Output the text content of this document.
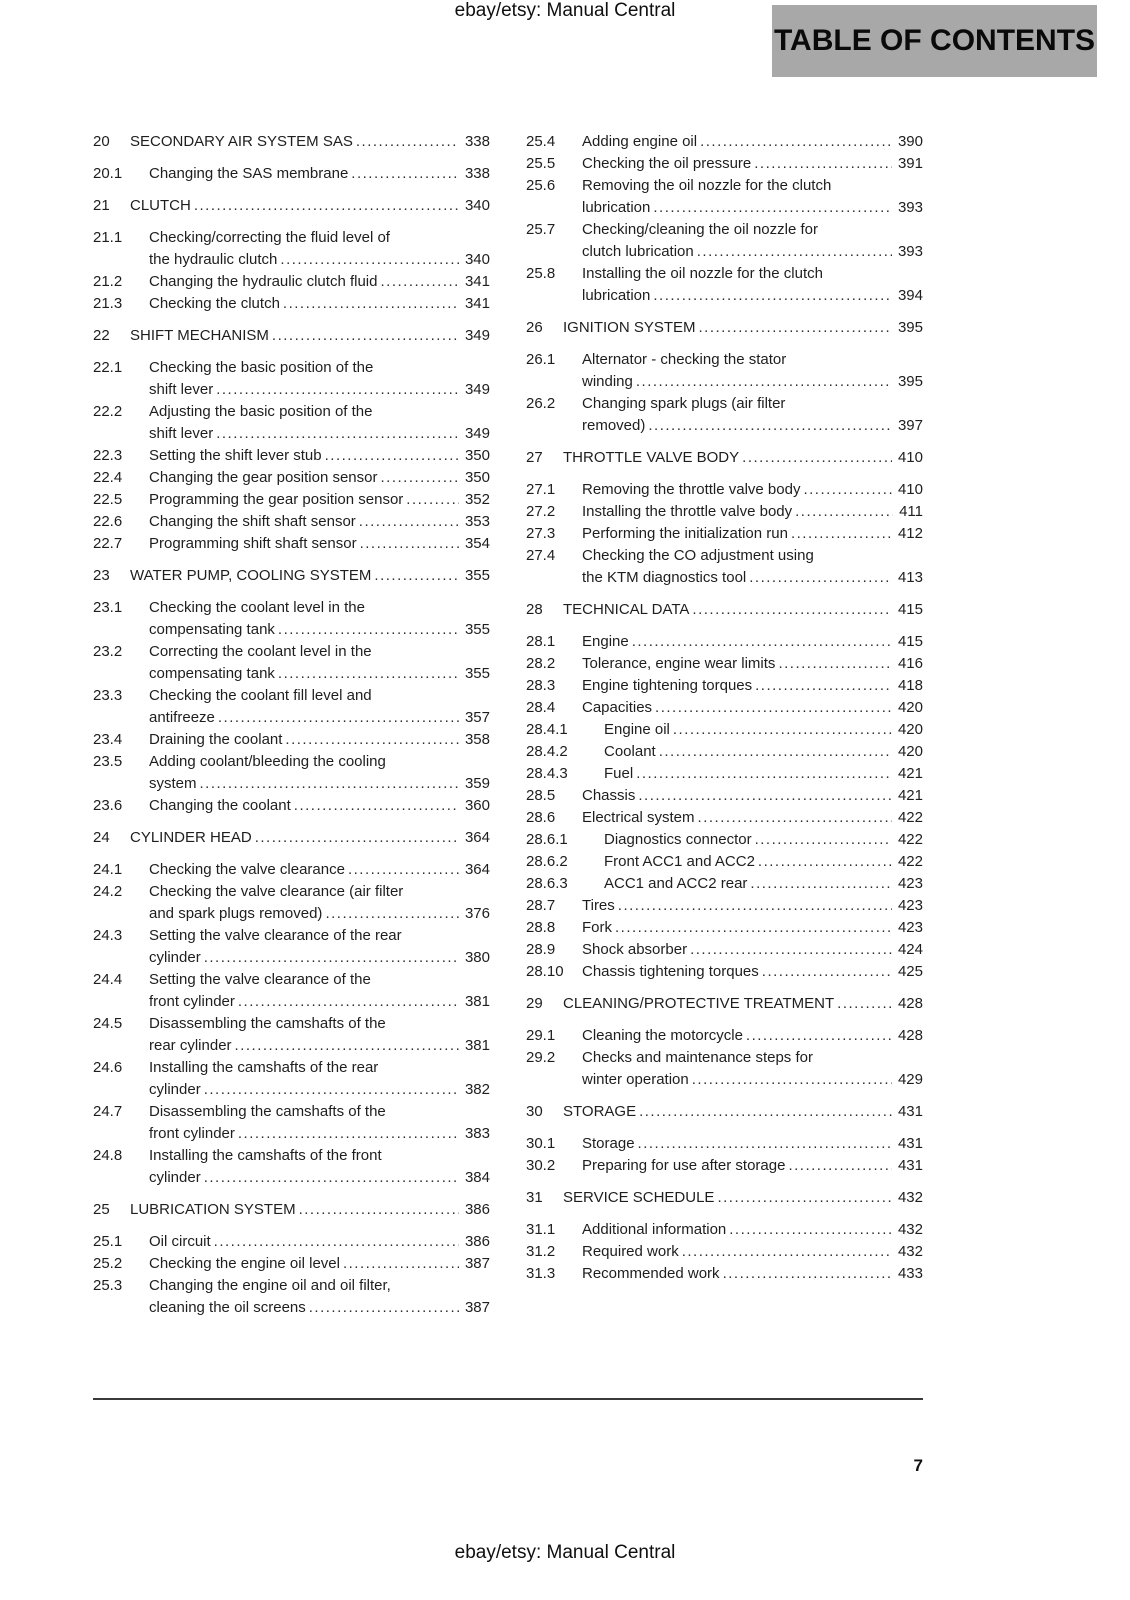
ebay/etsy: Manual Central
TABLE OF CONTENTS
20	SECONDARY AIR SYSTEM SAS .....	338
20.1	Changing the SAS membrane .....	338
21	CLUTCH .....	340
21.1	Checking/correcting the fluid level of the hydraulic clutch .....	340
21.2	Changing the hydraulic clutch fluid .....	341
21.3	Checking the clutch .....	341
22	SHIFT MECHANISM .....	349
22.1	Checking the basic position of the shift lever .....	349
22.2	Adjusting the basic position of the shift lever .....	349
22.3	Setting the shift lever stub .....	350
22.4	Changing the gear position sensor .....	350
22.5	Programming the gear position sensor .....	352
22.6	Changing the shift shaft sensor .....	353
22.7	Programming shift shaft sensor .....	354
23	WATER PUMP, COOLING SYSTEM .....	355
23.1	Checking the coolant level in the compensating tank .....	355
23.2	Correcting the coolant level in the compensating tank .....	355
23.3	Checking the coolant fill level and antifreeze .....	357
23.4	Draining the coolant .....	358
23.5	Adding coolant/bleeding the cooling system .....	359
23.6	Changing the coolant .....	360
24	CYLINDER HEAD .....	364
24.1	Checking the valve clearance .....	364
24.2	Checking the valve clearance (air filter and spark plugs removed) .....	376
24.3	Setting the valve clearance of the rear cylinder .....	380
24.4	Setting the valve clearance of the front cylinder .....	381
24.5	Disassembling the camshafts of the rear cylinder .....	381
24.6	Installing the camshafts of the rear cylinder .....	382
24.7	Disassembling the camshafts of the front cylinder .....	383
24.8	Installing the camshafts of the front cylinder .....	384
25	LUBRICATION SYSTEM .....	386
25.1	Oil circuit .....	386
25.2	Checking the engine oil level .....	387
25.3	Changing the engine oil and oil filter, cleaning the oil screens .....	387
25.4	Adding engine oil .....	390
25.5	Checking the oil pressure .....	391
25.6	Removing the oil nozzle for the clutch lubrication .....	393
25.7	Checking/cleaning the oil nozzle for clutch lubrication .....	393
25.8	Installing the oil nozzle for the clutch lubrication .....	394
26	IGNITION SYSTEM .....	395
26.1	Alternator - checking the stator winding .....	395
26.2	Changing spark plugs (air filter removed) .....	397
27	THROTTLE VALVE BODY .....	410
27.1	Removing the throttle valve body .....	410
27.2	Installing the throttle valve body .....	411
27.3	Performing the initialization run .....	412
27.4	Checking the CO adjustment using the KTM diagnostics tool .....	413
28	TECHNICAL DATA .....	415
28.1	Engine .....	415
28.2	Tolerance, engine wear limits .....	416
28.3	Engine tightening torques .....	418
28.4	Capacities .....	420
28.4.1	Engine oil .....	420
28.4.2	Coolant .....	420
28.4.3	Fuel .....	421
28.5	Chassis .....	421
28.6	Electrical system .....	422
28.6.1	Diagnostics connector .....	422
28.6.2	Front ACC1 and ACC2 .....	422
28.6.3	ACC1 and ACC2 rear .....	423
28.7	Tires .....	423
28.8	Fork .....	423
28.9	Shock absorber .....	424
28.10	Chassis tightening torques .....	425
29	CLEANING/PROTECTIVE TREATMENT .....	428
29.1	Cleaning the motorcycle .....	428
29.2	Checks and maintenance steps for winter operation .....	429
30	STORAGE .....	431
30.1	Storage .....	431
30.2	Preparing for use after storage .....	431
31	SERVICE SCHEDULE .....	432
31.1	Additional information .....	432
31.2	Required work .....	432
31.3	Recommended work .....	433
7
ebay/etsy: Manual Central
